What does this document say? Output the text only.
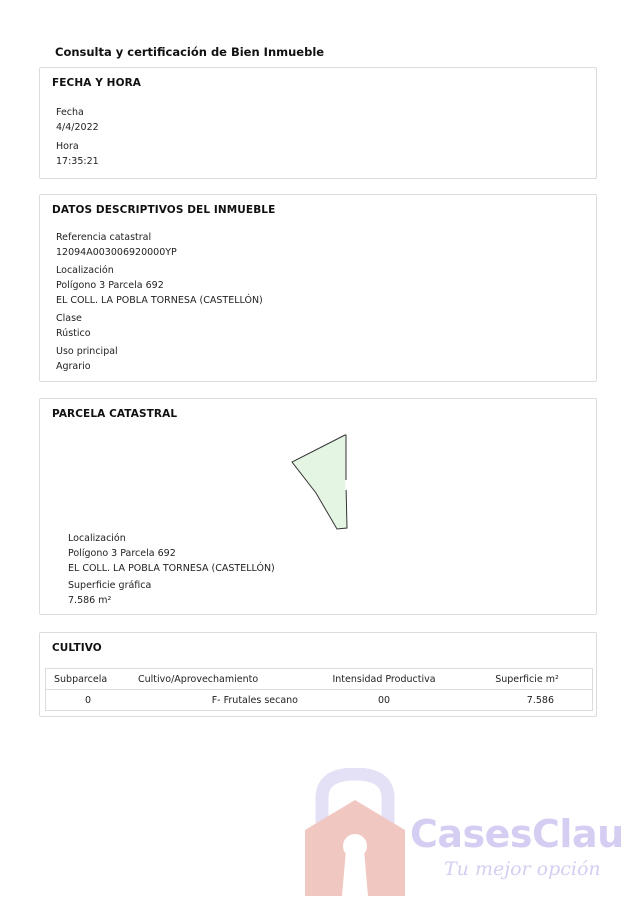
Consulta y certificación de Bien Inmueble
FECHA Y HORA
Fecha
4/4/2022
Hora
17:35:21
DATOS DESCRIPTIVOS DEL INMUEBLE
Referencia catastral
12094A003006920000YP
Localización
Polígono 3 Parcela 692
EL COLL. LA POBLA TORNESA (CASTELLÓN)
Clase
Rústico
Uso principal
Agrario
PARCELA CATASTRAL
Localización
Polígono 3 Parcela 692
EL COLL. LA POBLA TORNESA (CASTELLÓN)
Superficie gráfica
7.586 m²
CULTIVO
Subparcela	Cultivo/Aprovechamiento	Intensidad Productiva	Superficie m²
0	F- Frutales secano	00	7.586
CasesClau
Tu mejor opción
